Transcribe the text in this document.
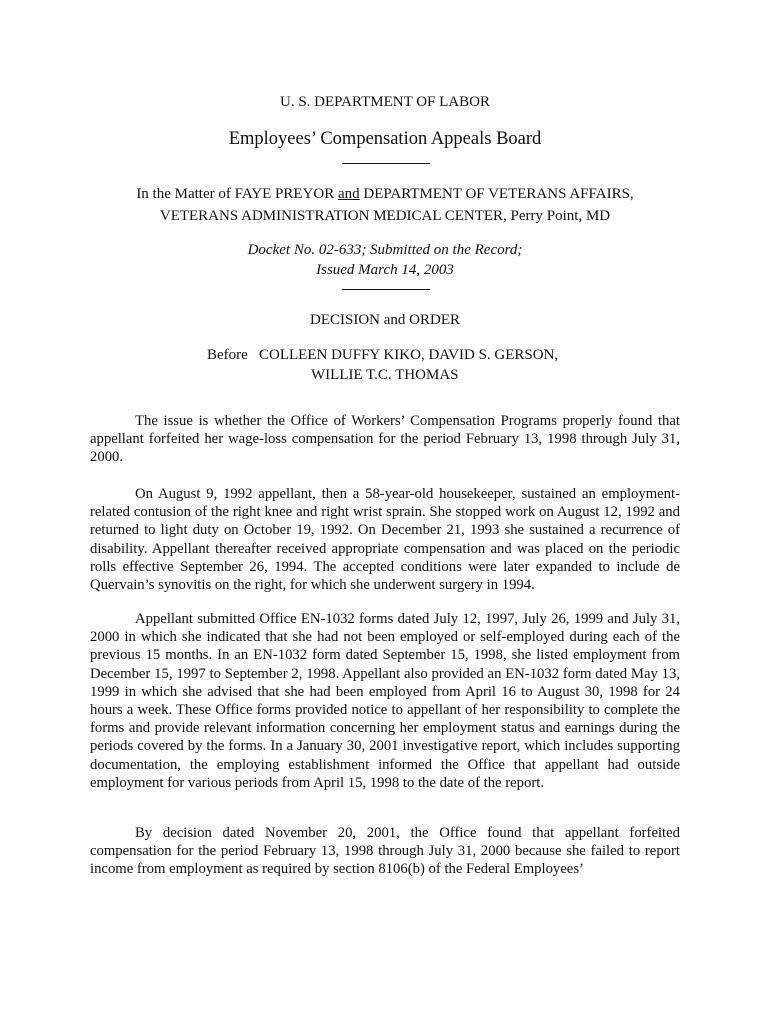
U. S. DEPARTMENT OF LABOR
Employees’ Compensation Appeals Board
In the Matter of FAYE PREYOR and DEPARTMENT OF VETERANS AFFAIRS,
VETERANS ADMINISTRATION MEDICAL CENTER, Perry Point, MD
Docket No. 02-633; Submitted on the Record;
Issued March 14, 2003
DECISION and ORDER
Before COLLEEN DUFFY KIKO, DAVID S. GERSON,
WILLIE T.C. THOMAS

The issue is whether the Office of Workers’ Compensation Programs properly found that appellant forfeited her wage-loss compensation for the period February 13, 1998 through July 31, 2000.

On August 9, 1992 appellant, then a 58-year-old housekeeper, sustained an employment-related contusion of the right knee and right wrist sprain. She stopped work on August 12, 1992 and returned to light duty on October 19, 1992. On December 21, 1993 she sustained a recurrence of disability. Appellant thereafter received appropriate compensation and was placed on the periodic rolls effective September 26, 1994. The accepted conditions were later expanded to include de Quervain’s synovitis on the right, for which she underwent surgery in 1994.

Appellant submitted Office EN-1032 forms dated July 12, 1997, July 26, 1999 and July 31, 2000 in which she indicated that she had not been employed or self-employed during each of the previous 15 months. In an EN-1032 form dated September 15, 1998, she listed employment from December 15, 1997 to September 2, 1998. Appellant also provided an EN-1032 form dated May 13, 1999 in which she advised that she had been employed from April 16 to August 30, 1998 for 24 hours a week. These Office forms provided notice to appellant of her responsibility to complete the forms and provide relevant information concerning her employment status and earnings during the periods covered by the forms. In a January 30, 2001 investigative report, which includes supporting documentation, the employing establishment informed the Office that appellant had outside employment for various periods from April 15, 1998 to the date of the report.

By decision dated November 20, 2001, the Office found that appellant forfeited compensation for the period February 13, 1998 through July 31, 2000 because she failed to report income from employment as required by section 8106(b) of the Federal Employees’
